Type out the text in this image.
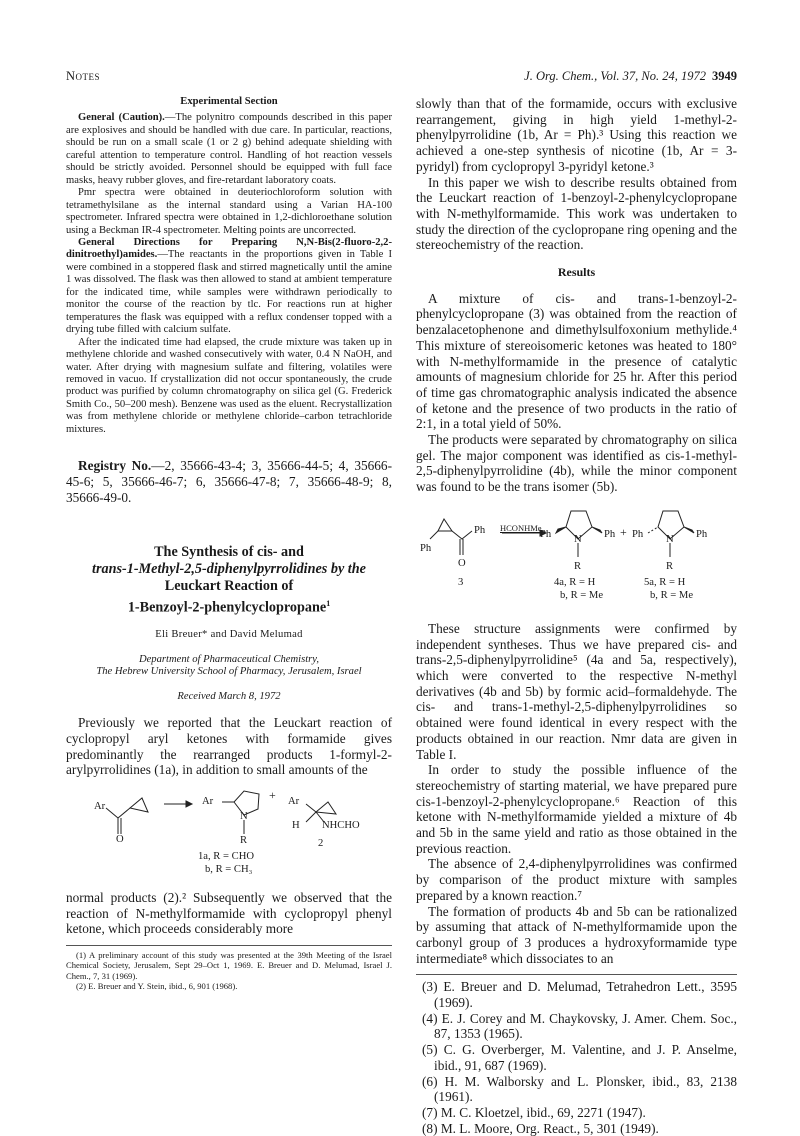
Notes	J. Org. Chem., Vol. 37, No. 24, 1972 3949
Experimental Section

General (Caution).—The polynitro compounds described in this paper are explosives and should be handled with due care. In particular, reactions, should be run on a small scale (1 or 2 g) behind adequate shielding with careful attention to temperature control. Handling of hot reaction vessels should be strictly avoided. Personnel should be equipped with full face masks, heavy rubber gloves, and fire-retardant laboratory coats.

Pmr spectra were obtained in deuteriochloroform solution with tetramethylsilane as the internal standard using a Varian HA-100 spectrometer. Infrared spectra were obtained in 1,2-dichloroethane solution using a Beckman IR-4 spectrometer. Melting points are uncorrected.

General Directions for Preparing N,N-Bis(2-fluoro-2,2-dinitroethyl)amides.—The reactants in the proportions given in Table I were combined in a stoppered flask and stirred magnetically until the amine 1 was dissolved. The flask was then allowed to stand at ambient temperature for the indicated time, while samples were withdrawn periodically to monitor the course of the reaction by tlc. For reactions run at higher temperatures the flask was equipped with a reflux condenser topped with a drying tube filled with calcium sulfate.

After the indicated time had elapsed, the crude mixture was taken up in methylene chloride and washed consecutively with water, 0.4 N NaOH, and water. After drying with magnesium sulfate and filtering, volatiles were removed in vacuo. If crystallization did not occur spontaneously, the crude product was purified by column chromatography on silica gel (G. Frederick Smith Co., 50–200 mesh). Benzene was used as the eluent. Recrystallization was from methylene chloride or methylene chloride–carbon tetrachloride mixtures.

Registry No.—2, 35666-43-4; 3, 35666-44-5; 4, 35666-45-6; 5, 35666-46-7; 6, 35666-47-8; 7, 35666-48-9; 8, 35666-49-0.

The Synthesis of cis- and
trans-1-Methyl-2,5-diphenylpyrrolidines by the
Leuckart Reaction of
1-Benzoyl-2-phenylcyclopropane$^1$
Eli Breuer* and David Melumad
Department of Pharmaceutical Chemistry,
The Hebrew University School of Pharmacy, Jerusalem, Israel
Received March 8, 1972

Previously we reported that the Leuckart reaction of cyclopropyl aryl ketones with formamide gives predominantly the rearranged products 1-formyl-2-arylpyrrolidines (1a), in addition to small amounts of the

Ar
O
Ar
N
R
+ Ar
H NHCHO
2
1a, R = CHO
b, R = CH₃

normal products (2).² Subsequently we observed that the reaction of N-methylformamide with cyclopropyl phenyl ketone, which proceeds considerably more

(1) A preliminary account of this study was presented at the 39th Meeting of the Israel Chemical Society, Jerusalem, Sept 29–Oct 1, 1969. E. Breuer and D. Melumad, Israel J. Chem., 7, 31 (1969).

(2) E. Breuer and Y. Stein, ibid., 6, 901 (1968).

slowly than that of the formamide, occurs with exclusive rearrangement, giving in high yield 1-methyl-2-phenylpyrrolidine (1b, Ar = Ph).³ Using this reaction we achieved a one-step synthesis of nicotine (1b, Ar = 3-pyridyl) from cyclopropyl 3-pyridyl ketone.³

In this paper we wish to describe results obtained from the Leuckart reaction of 1-benzoyl-2-phenylcyclopropane with N-methylformamide. This work was undertaken to study the direction of the cyclopropane ring opening and the stereochemistry of the reaction.

Results

A mixture of cis- and trans-1-benzoyl-2-phenylcyclopropane (3) was obtained from the reaction of benzalacetophenone and dimethylsulfoxonium methylide.⁴ This mixture of stereoisomeric ketones was heated to 180° with N-methylformamide in the presence of catalytic amounts of magnesium chloride for 25 hr. After this period of time gas chromatographic analysis indicated the absence of ketone and the presence of two products in the ratio of 2:1, in a total yield of 50%.

The products were separated by chromatography on silica gel. The major component was identified as cis-1-methyl-2,5-diphenylpyrrolidine (4b), while the minor component was found to be the trans isomer (5b).

Ph
Ph
O
HCONHMe
Ph N Ph + Ph N Ph
R	R
3	4a, R = H
b, R = Me
5a, R = H
b, R = Me

These structure assignments were confirmed by independent syntheses. Thus we have prepared cis- and trans-2,5-diphenylpyrrolidine⁵ (4a and 5a, respectively), which were converted to the respective N-methyl derivatives (4b and 5b) by formic acid–formaldehyde. The cis- and trans-1-methyl-2,5-diphenylpyrrolidines so obtained were found identical in every respect with the products obtained in our reaction. Nmr data are given in Table I.

In order to study the possible influence of the stereochemistry of starting material, we have prepared pure cis-1-benzoyl-2-phenylcyclopropane.⁶ Reaction of this ketone with N-methylformamide yielded a mixture of 4b and 5b in the same yield and ratio as those obtained in the previous reaction.

The absence of 2,4-diphenylpyrrolidines was confirmed by comparison of the product mixture with samples prepared by a known reaction.⁷

The formation of products 4b and 5b can be rationalized by assuming that attack of N-methylformamide upon the carbonyl group of 3 produces a hydroxyformamide type intermediate⁸ which dissociates to an

(3) E. Breuer and D. Melumad, Tetrahedron Lett., 3595 (1969).

(4) E. J. Corey and M. Chaykovsky, J. Amer. Chem. Soc., 87, 1353 (1965).

(5) C. G. Overberger, M. Valentine, and J. P. Anselme, ibid., 91, 687 (1969).

(6) H. M. Walborsky and L. Plonsker, ibid., 83, 2138 (1961).

(7) M. C. Kloetzel, ibid., 69, 2271 (1947).

(8) M. L. Moore, Org. React., 5, 301 (1949).
